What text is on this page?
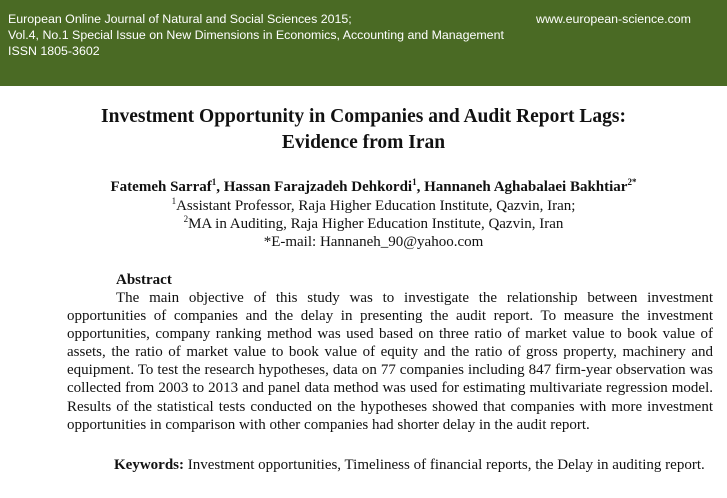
European Online Journal of Natural and Social Sciences 2015;
Vol.4, No.1 Special Issue on New Dimensions in Economics, Accounting and Management
ISSN 1805-3602
www.european-science.com
Investment Opportunity in Companies and Audit Report Lags:
Evidence from Iran
Fatemeh Sarraf$^1$, Hassan Farajzadeh Dehkordi$^1$, Hannaneh Aghabalaei Bakhtiar$^{2*}$
$^1$Assistant Professor, Raja Higher Education Institute, Qazvin, Iran;
$^2$MA in Auditing, Raja Higher Education Institute, Qazvin, Iran
*E-mail: Hannaneh_90@yahoo.com
Abstract

The main objective of this study was to investigate the relationship between investment opportunities of companies and the delay in presenting the audit report. To measure the investment opportunities, company ranking method was used based on three ratio of market value to book value of assets, the ratio of market value to book value of equity and the ratio of gross property, machinery and equipment. To test the research hypotheses, data on 77 companies including 847 firm-year observation was collected from 2003 to 2013 and panel data method was used for estimating multivariate regression model. Results of the statistical tests conducted on the hypotheses showed that companies with more investment opportunities in comparison with other companies had shorter delay in the audit report.

Keywords: Investment opportunities, Timeliness of financial reports, the Delay in auditing report.
